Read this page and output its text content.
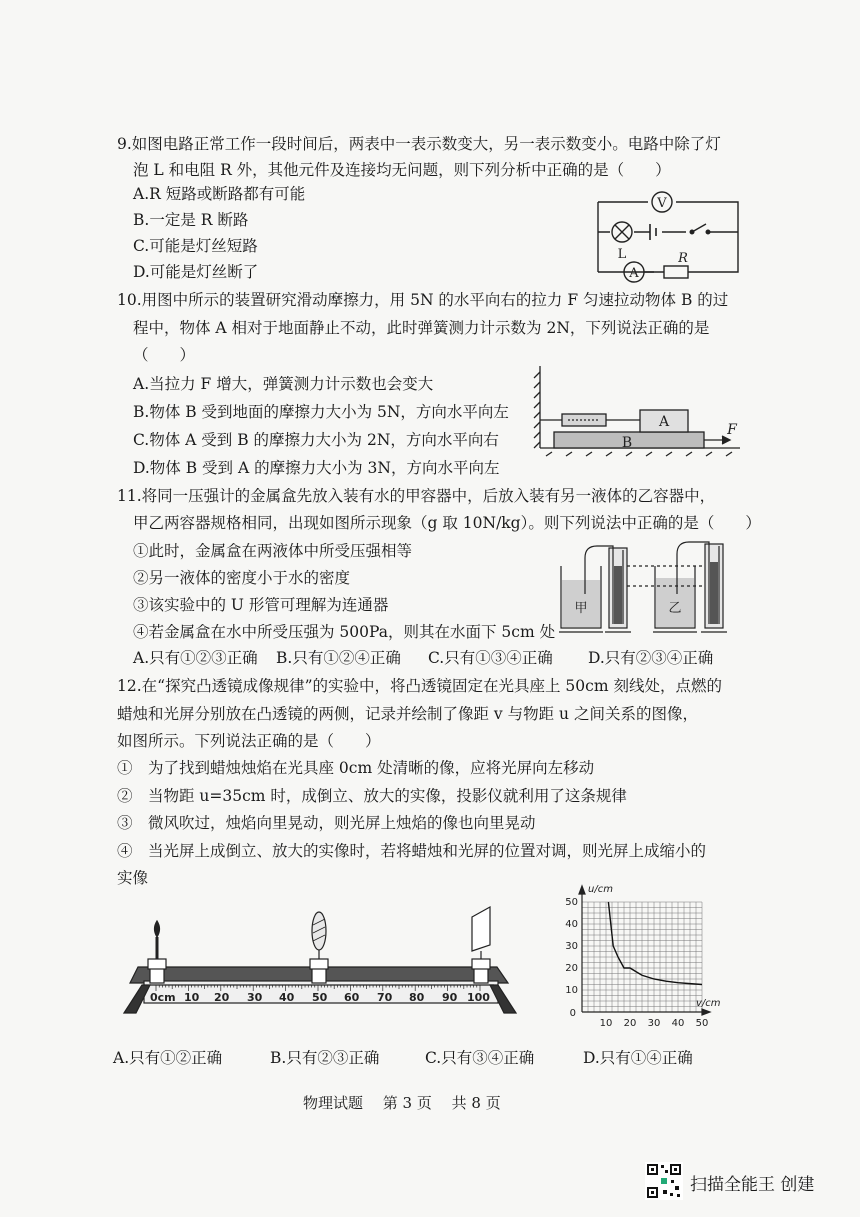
9.如图电路正常工作一段时间后，两表中一表示数变大，另一表示数变小。电路中除了灯
泡 L 和电阻 R 外，其他元件及连接均无问题，则下列分析中正确的是（　　）
A.R 短路或断路都有可能
B.一定是 R 断路
C.可能是灯丝短路
D.可能是灯丝断了
V
A
L	R
10.用图中所示的装置研究滑动摩擦力，用 5N 的水平向右的拉力 F 匀速拉动物体 B 的过
程中，物体 A 相对于地面静止不动，此时弹簧测力计示数为 2N，下列说法正确的是
（　　）
A.当拉力 F 增大，弹簧测力计示数也会变大
B.物体 B 受到地面的摩擦力大小为 5N，方向水平向左
C.物体 A 受到 B 的摩擦力大小为 2N，方向水平向右
D.物体 B 受到 A 的摩擦力大小为 3N，方向水平向左
A
B
F
11.将同一压强计的金属盒先放入装有水的甲容器中，后放入装有另一液体的乙容器中，
甲乙两容器规格相同，出现如图所示现象（g 取 10N/kg）。则下列说法中正确的是（　　）
①此时，金属盒在两液体中所受压强相等
②另一液体的密度小于水的密度
③该实验中的 U 形管可理解为连通器
④若金属盒在水中所受压强为 500Pa，则其在水面下 5cm 处
A.只有①②③正确 B.只有①②④正确 C.只有①③④正确 D.只有②③④正确
甲	乙
12.在“探究凸透镜成像规律”的实验中，将凸透镜固定在光具座上 50cm 刻线处，点燃的
蜡烛和光屏分别放在凸透镜的两侧，记录并绘制了像距 v 与物距 u 之间关系的图像，
如图所示。下列说法正确的是（　　）
①　为了找到蜡烛烛焰在光具座 0cm 处清晰的像，应将光屏向左移动
②　当物距 u=35cm 时，成倒立、放大的实像，投影仪就利用了这条规律
③　微风吹过，烛焰向里晃动，则光屏上烛焰的像也向里晃动
④　当光屏上成倒立、放大的实像时，若将蜡烛和光屏的位置对调，则光屏上成缩小的
实像
0cm 10 20 30 40 50 60 70 80 90 100
10 20 30 40 50
10
20
30
40
50
0
u/cm
v/cm
A.只有①②正确	B.只有②③正确	C.只有③④正确	D.只有①④正确
物理试题　 第 3 页　 共 8 页
扫描全能王 创建
